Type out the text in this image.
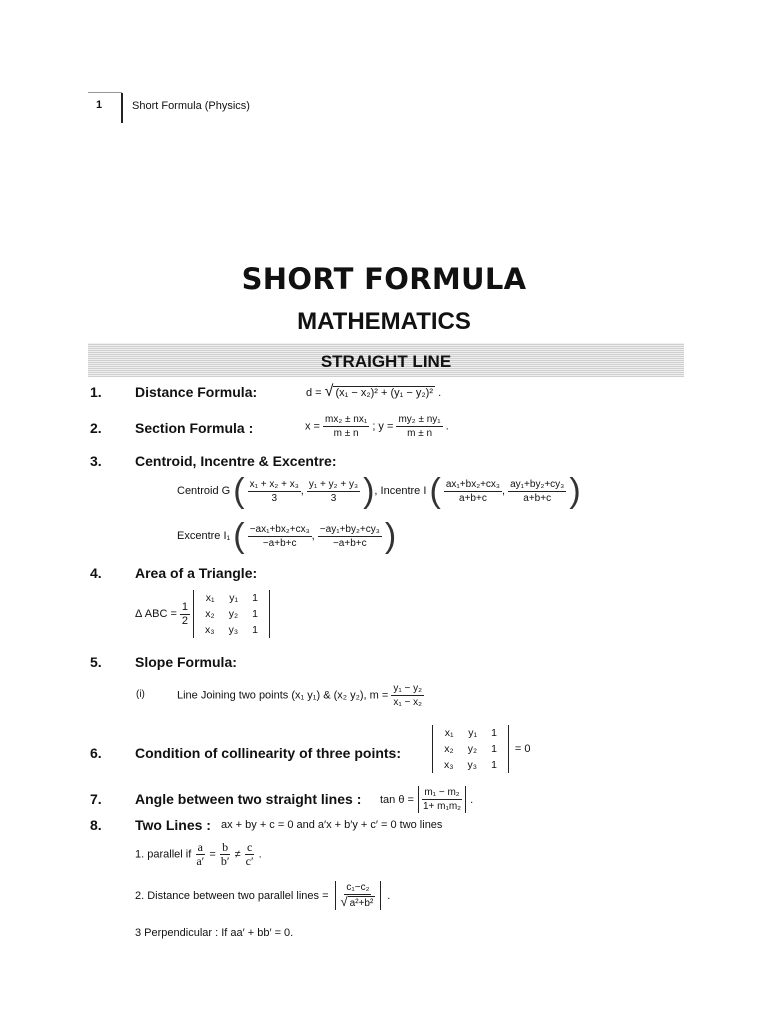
1	Short Formula (Physics)
SHORT FORMULA
MATHEMATICS
STRAIGHT LINE
1. Distance Formula:	d = √ (x₁ − x₂)² + (y₁ − y₂)² .
2. Section Formula :	$x = \frac{\text{mx₂ ± nx₁}}{m \pm n}$ ; $y = \frac{\text{my₂ ± ny₁}}{m \pm n}$ .
3. Centroid, Incentre & Excentre:
Centroid G ( $\frac{\text{x₁ + x₂ + x₃}}{3}$ , $\frac{\text{y₁ + y₂ + y₃}}{3}$ ), Incentre I ( $\frac{\text{ax₁+bx₂+cx₃}}{a+b+c}$ , $\frac{\text{ay₁+by₂+cy₃}}{a+b+c}$ )
Excentre I₁ ( $\frac{\text{−ax₁+bx₂+cx₃}}{-a+b+c}$ , $\frac{\text{−ay₁+by₂+cy₃}}{-a+b+c}$ )
4. Area of a Triangle:
Δ ABC = $\frac{1}{2}$
x₁	y₁	1
x₂	y₂	1
x₃	y₃	1
5. Slope Formula:
(i)	Line Joining two points (x₁ y₁) & (x₂ y₂), $m = \frac{\text{y₁ − y₂}}{\text{x₁ − x₂}}$
6. Condition of collinearity of three points:
x₁	y₁	1
x₂	y₂	1
x₃	y₃	1
= 0
7. Angle between two straight lines : $\tan \theta = \frac{\text{m₁ − m₂}}{\text{1+ m₁m₂}}$ .
8. Two Lines : ax + by + c = 0 and a′x + b′y + c′ = 0 two lines
1. parallel if $\frac{a}{a'} = \frac{b}{b'} \ne \frac{c}{c'}$ .
2. Distance between two parallel lines = $\frac{\text{c₁−c₂}}{\text{√ a²+b²}}$ .
3 Perpendicular : If aa′ + bb′ = 0.
